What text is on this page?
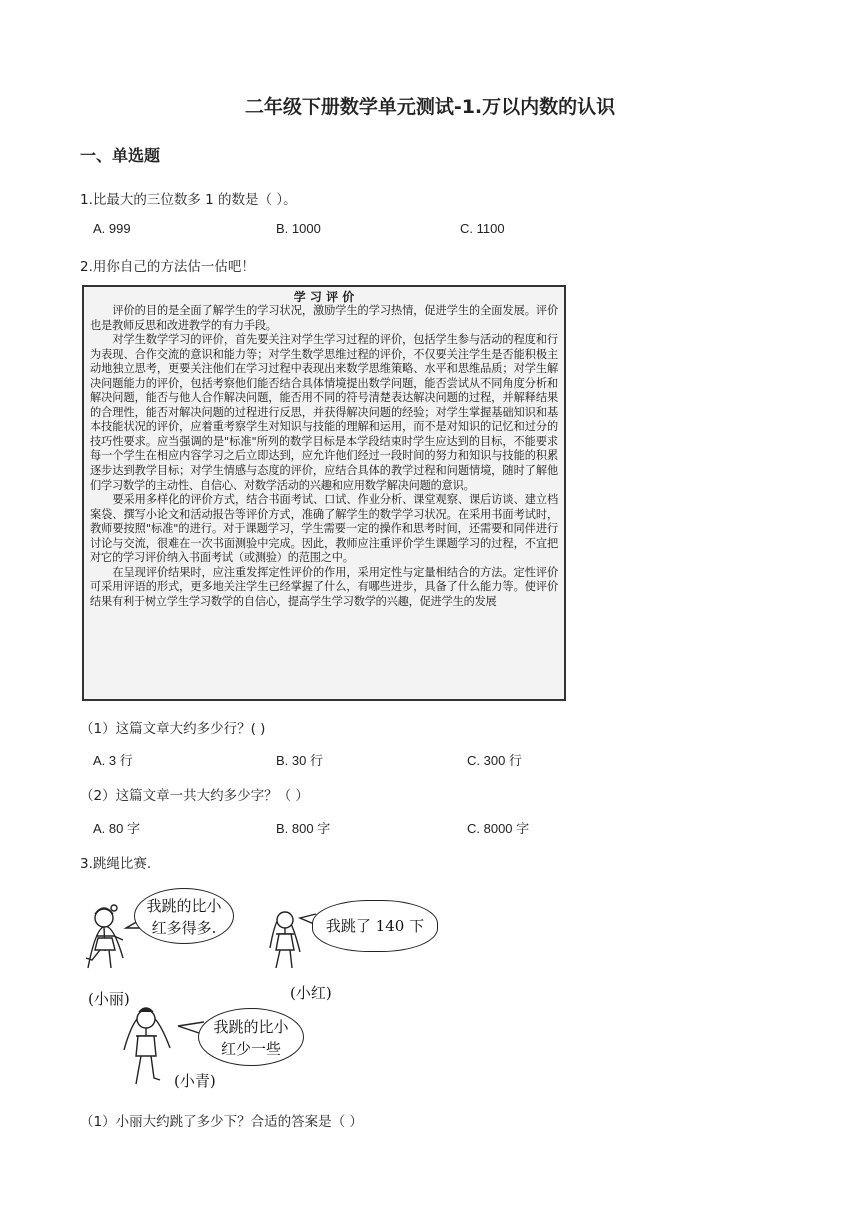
二年级下册数学单元测试-1.万以内数的认识
一、单选题
1.比最大的三位数多 1 的数是（ ）。
A. 999	B. 1000	C. 1100
2.用你自己的方法估一估吧！
学 习 评 价

评价的目的是全面了解学生的学习状况，激励学生的学习热情，促进学生的全面发展。评价也是教师反思和改进教学的有力手段。

对学生数学学习的评价，首先要关注对学生学习过程的评价，包括学生参与活动的程度和行为表现、合作交流的意识和能力等；对学生数学思维过程的评价，不仅要关注学生是否能积极主动地独立思考，更要关注他们在学习过程中表现出来数学思维策略、水平和思维品质；对学生解决问题能力的评价，包括考察他们能否结合具体情境提出数学问题，能否尝试从不同角度分析和解决问题，能否与他人合作解决问题，能否用不同的符号清楚表达解决问题的过程，并解释结果的合理性，能否对解决问题的过程进行反思，并获得解决问题的经验；对学生掌握基础知识和基本技能状况的评价，应着重考察学生对知识与技能的理解和运用，而不是对知识的记忆和过分的技巧性要求。应当强调的是"标准"所列的数学目标是本学段结束时学生应达到的目标，不能要求每一个学生在相应内容学习之后立即达到，应允许他们经过一段时间的努力和知识与技能的积累逐步达到教学目标；对学生情感与态度的评价，应结合具体的教学过程和问题情境，随时了解他们学习数学的主动性、自信心、对数学活动的兴趣和应用数学解决问题的意识。

要采用多样化的评价方式，结合书面考试、口试、作业分析、课堂观察、课后访谈、建立档案袋、撰写小论文和活动报告等评价方式，准确了解学生的数学学习状况。在采用书面考试时，教师要按照"标准"的进行。对于课题学习，学生需要一定的操作和思考时间，还需要和同伴进行讨论与交流，很难在一次书面测验中完成。因此，教师应注重评价学生课题学习的过程，不宜把对它的学习评价纳入书面考试（或测验）的范围之中。

在呈现评价结果时，应注重发挥定性评价的作用，采用定性与定量相结合的方法。定性评价可采用评语的形式，更多地关注学生已经掌握了什么，有哪些进步，具备了什么能力等。使评价结果有利于树立学生学习数学的自信心，提高学生学习数学的兴趣，促进学生的发展

（1）这篇文章大约多少行？( )
A. 3 行	B. 30 行	C. 300 行
（2）这篇文章一共大约多少字？（ ）
A. 80 字	B. 800 字	C. 8000 字
3.跳绳比赛.
我跳的比小红多得多.	我跳了 140 下
我跳的比小红少一些
(小丽)	(小红)
(小青)
（1）小丽大约跳了多少下？合适的答案是（ ）
